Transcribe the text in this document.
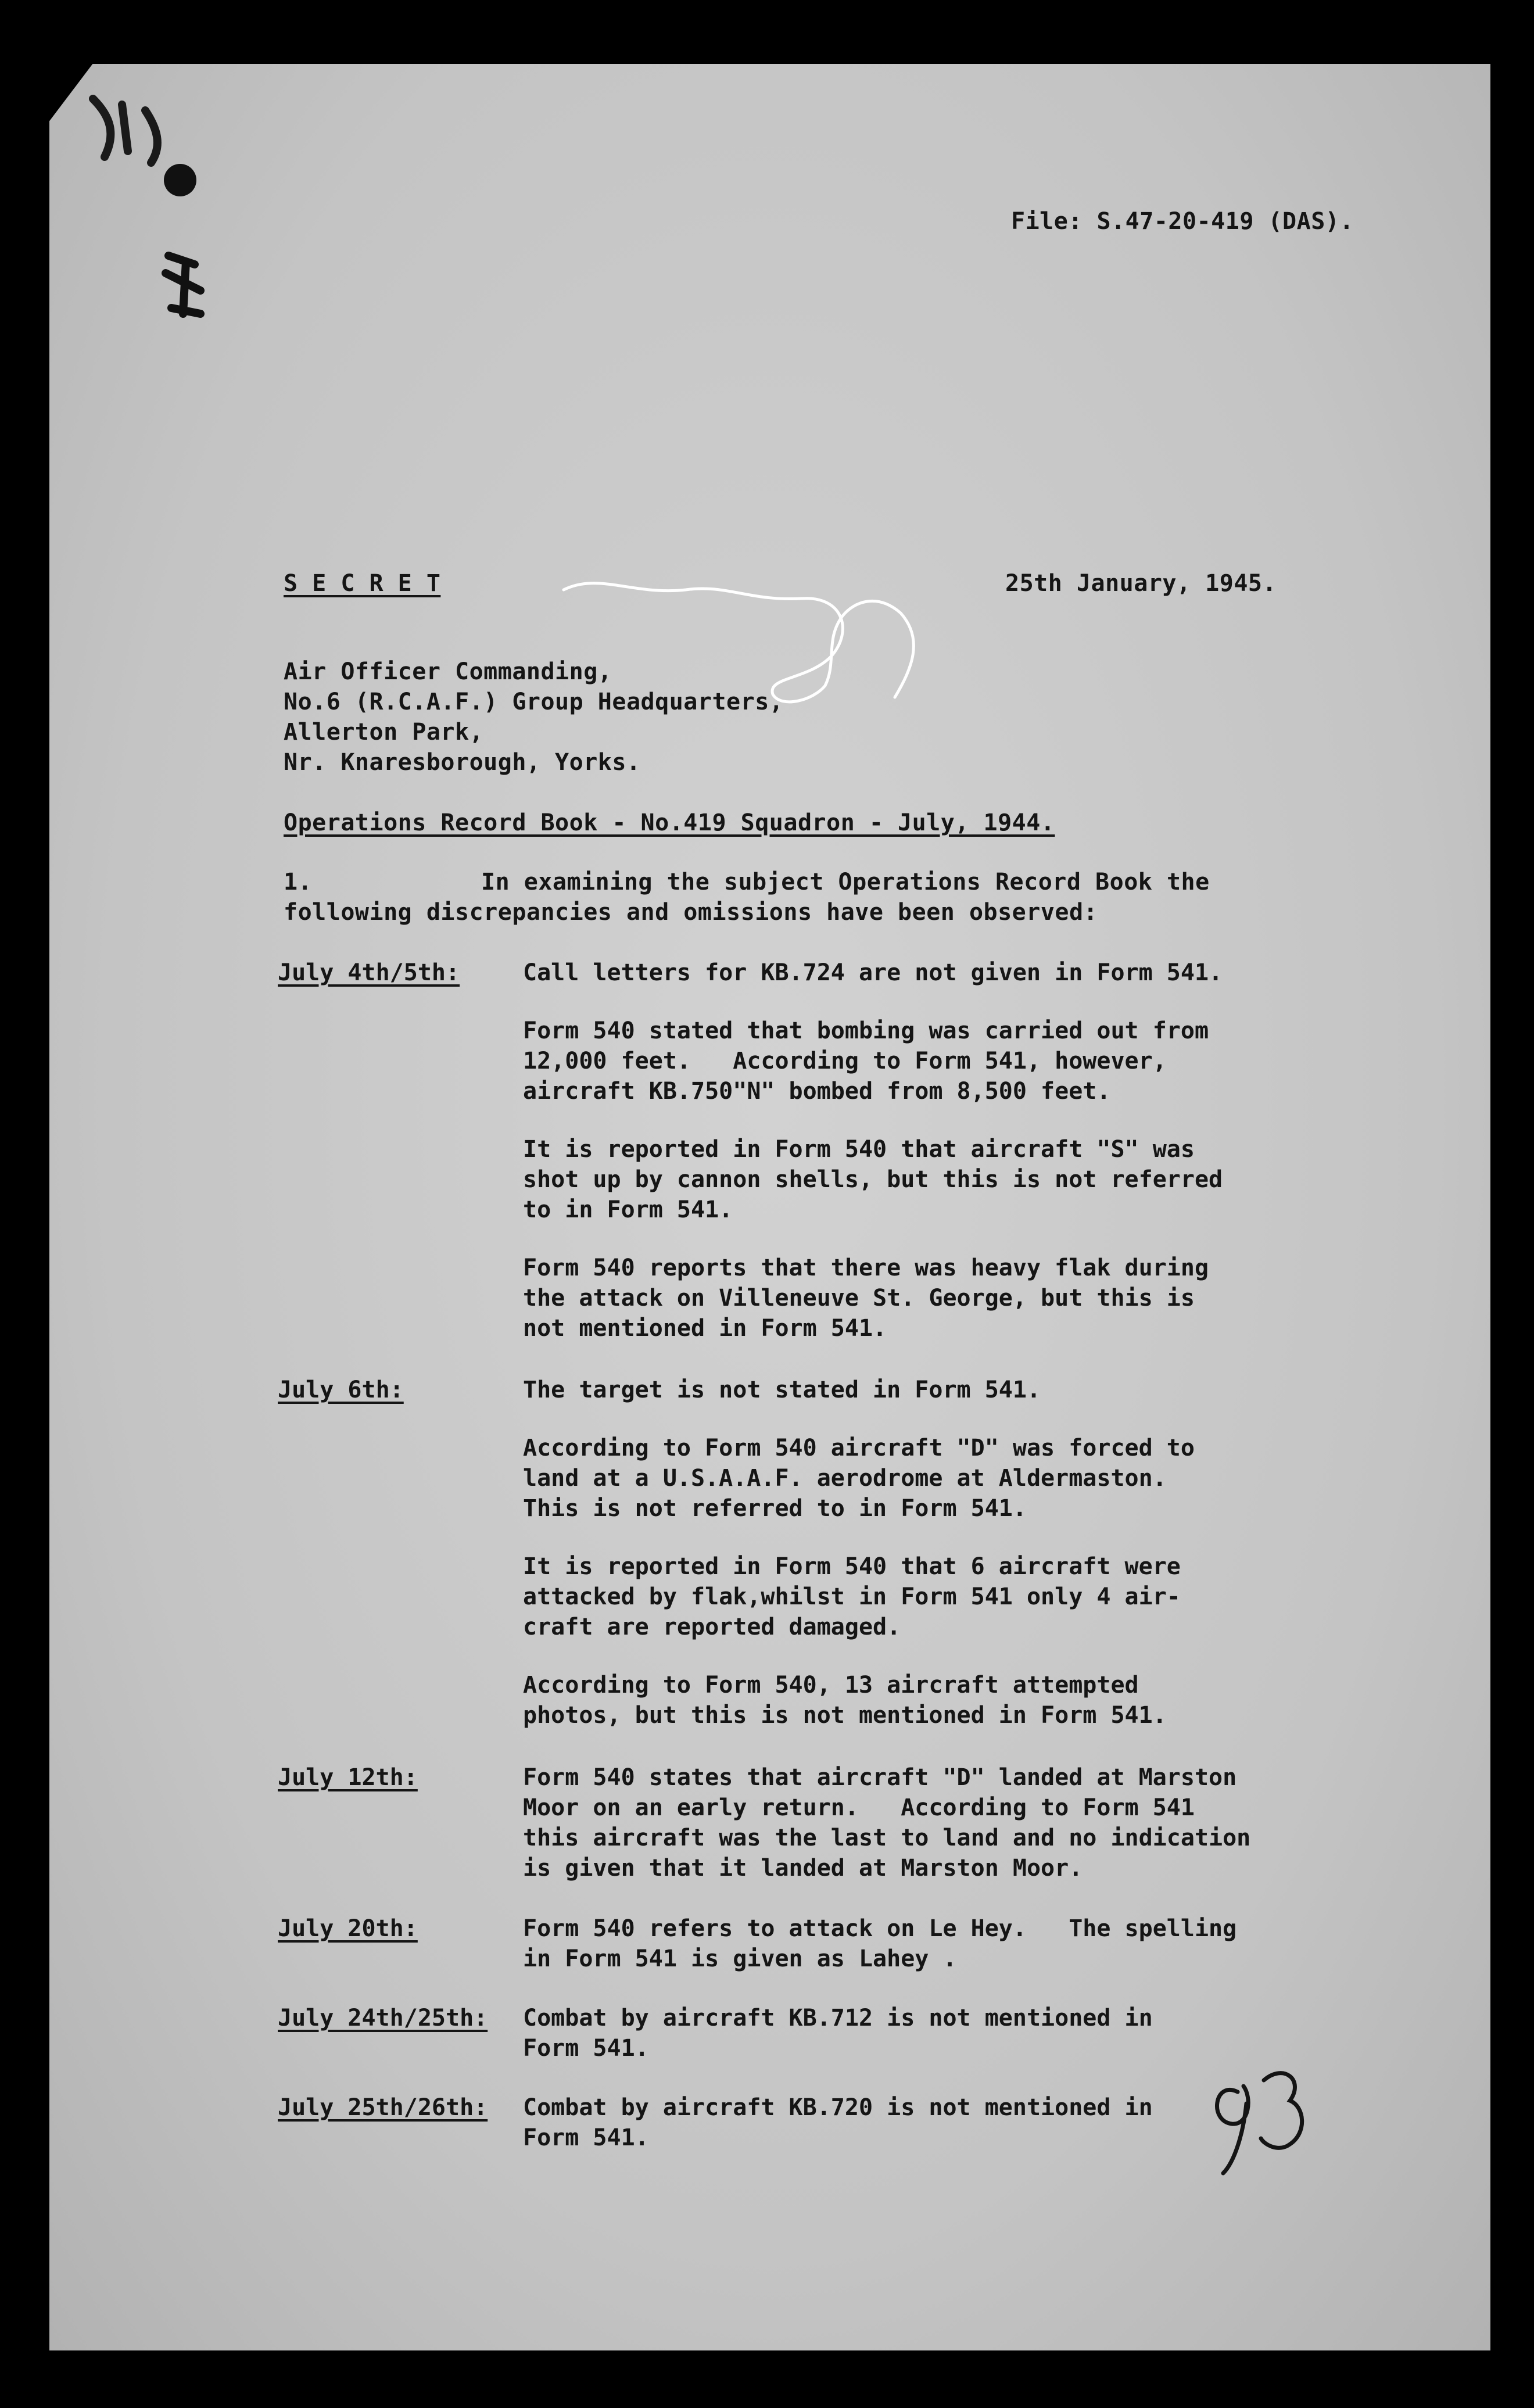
File: S.47-20-419 (DAS).
S E C R E T	25th January, 1945.
Air Officer Commanding,
No.6 (R.C.A.F.) Group Headquarters,
Allerton Park,
Nr. Knaresborough, Yorks.
Operations Record Book - No.419 Squadron - July, 1944.
1.	In examining the subject Operations Record Book the
following discrepancies and omissions have been observed:
July 4th/5th:	Call letters for KB.724 are not given in Form 541.
Form 540 stated that bombing was carried out from
12,000 feet.   According to Form 541, however,
aircraft KB.750"N" bombed from 8,500 feet.
It is reported in Form 540 that aircraft "S" was
shot up by cannon shells, but this is not referred
to in Form 541.
Form 540 reports that there was heavy flak during
the attack on Villeneuve St. George, but this is
not mentioned in Form 541.
July 6th:	The target is not stated in Form 541.
According to Form 540 aircraft "D" was forced to
land at a U.S.A.A.F. aerodrome at Aldermaston.
This is not referred to in Form 541.
It is reported in Form 540 that 6 aircraft were
attacked by flak,whilst in Form 541 only 4 air-
craft are reported damaged.
According to Form 540, 13 aircraft attempted
photos, but this is not mentioned in Form 541.
July 12th:	Form 540 states that aircraft "D" landed at Marston
Moor on an early return.   According to Form 541
this aircraft was the last to land and no indication
is given that it landed at Marston Moor.
July 20th:	Form 540 refers to attack on Le Hey.   The spelling
in Form 541 is given as Lahey .
July 24th/25th: Combat by aircraft KB.712 is not mentioned in
Form 541.
July 25th/26th: Combat by aircraft KB.720 is not mentioned in
Form 541.
